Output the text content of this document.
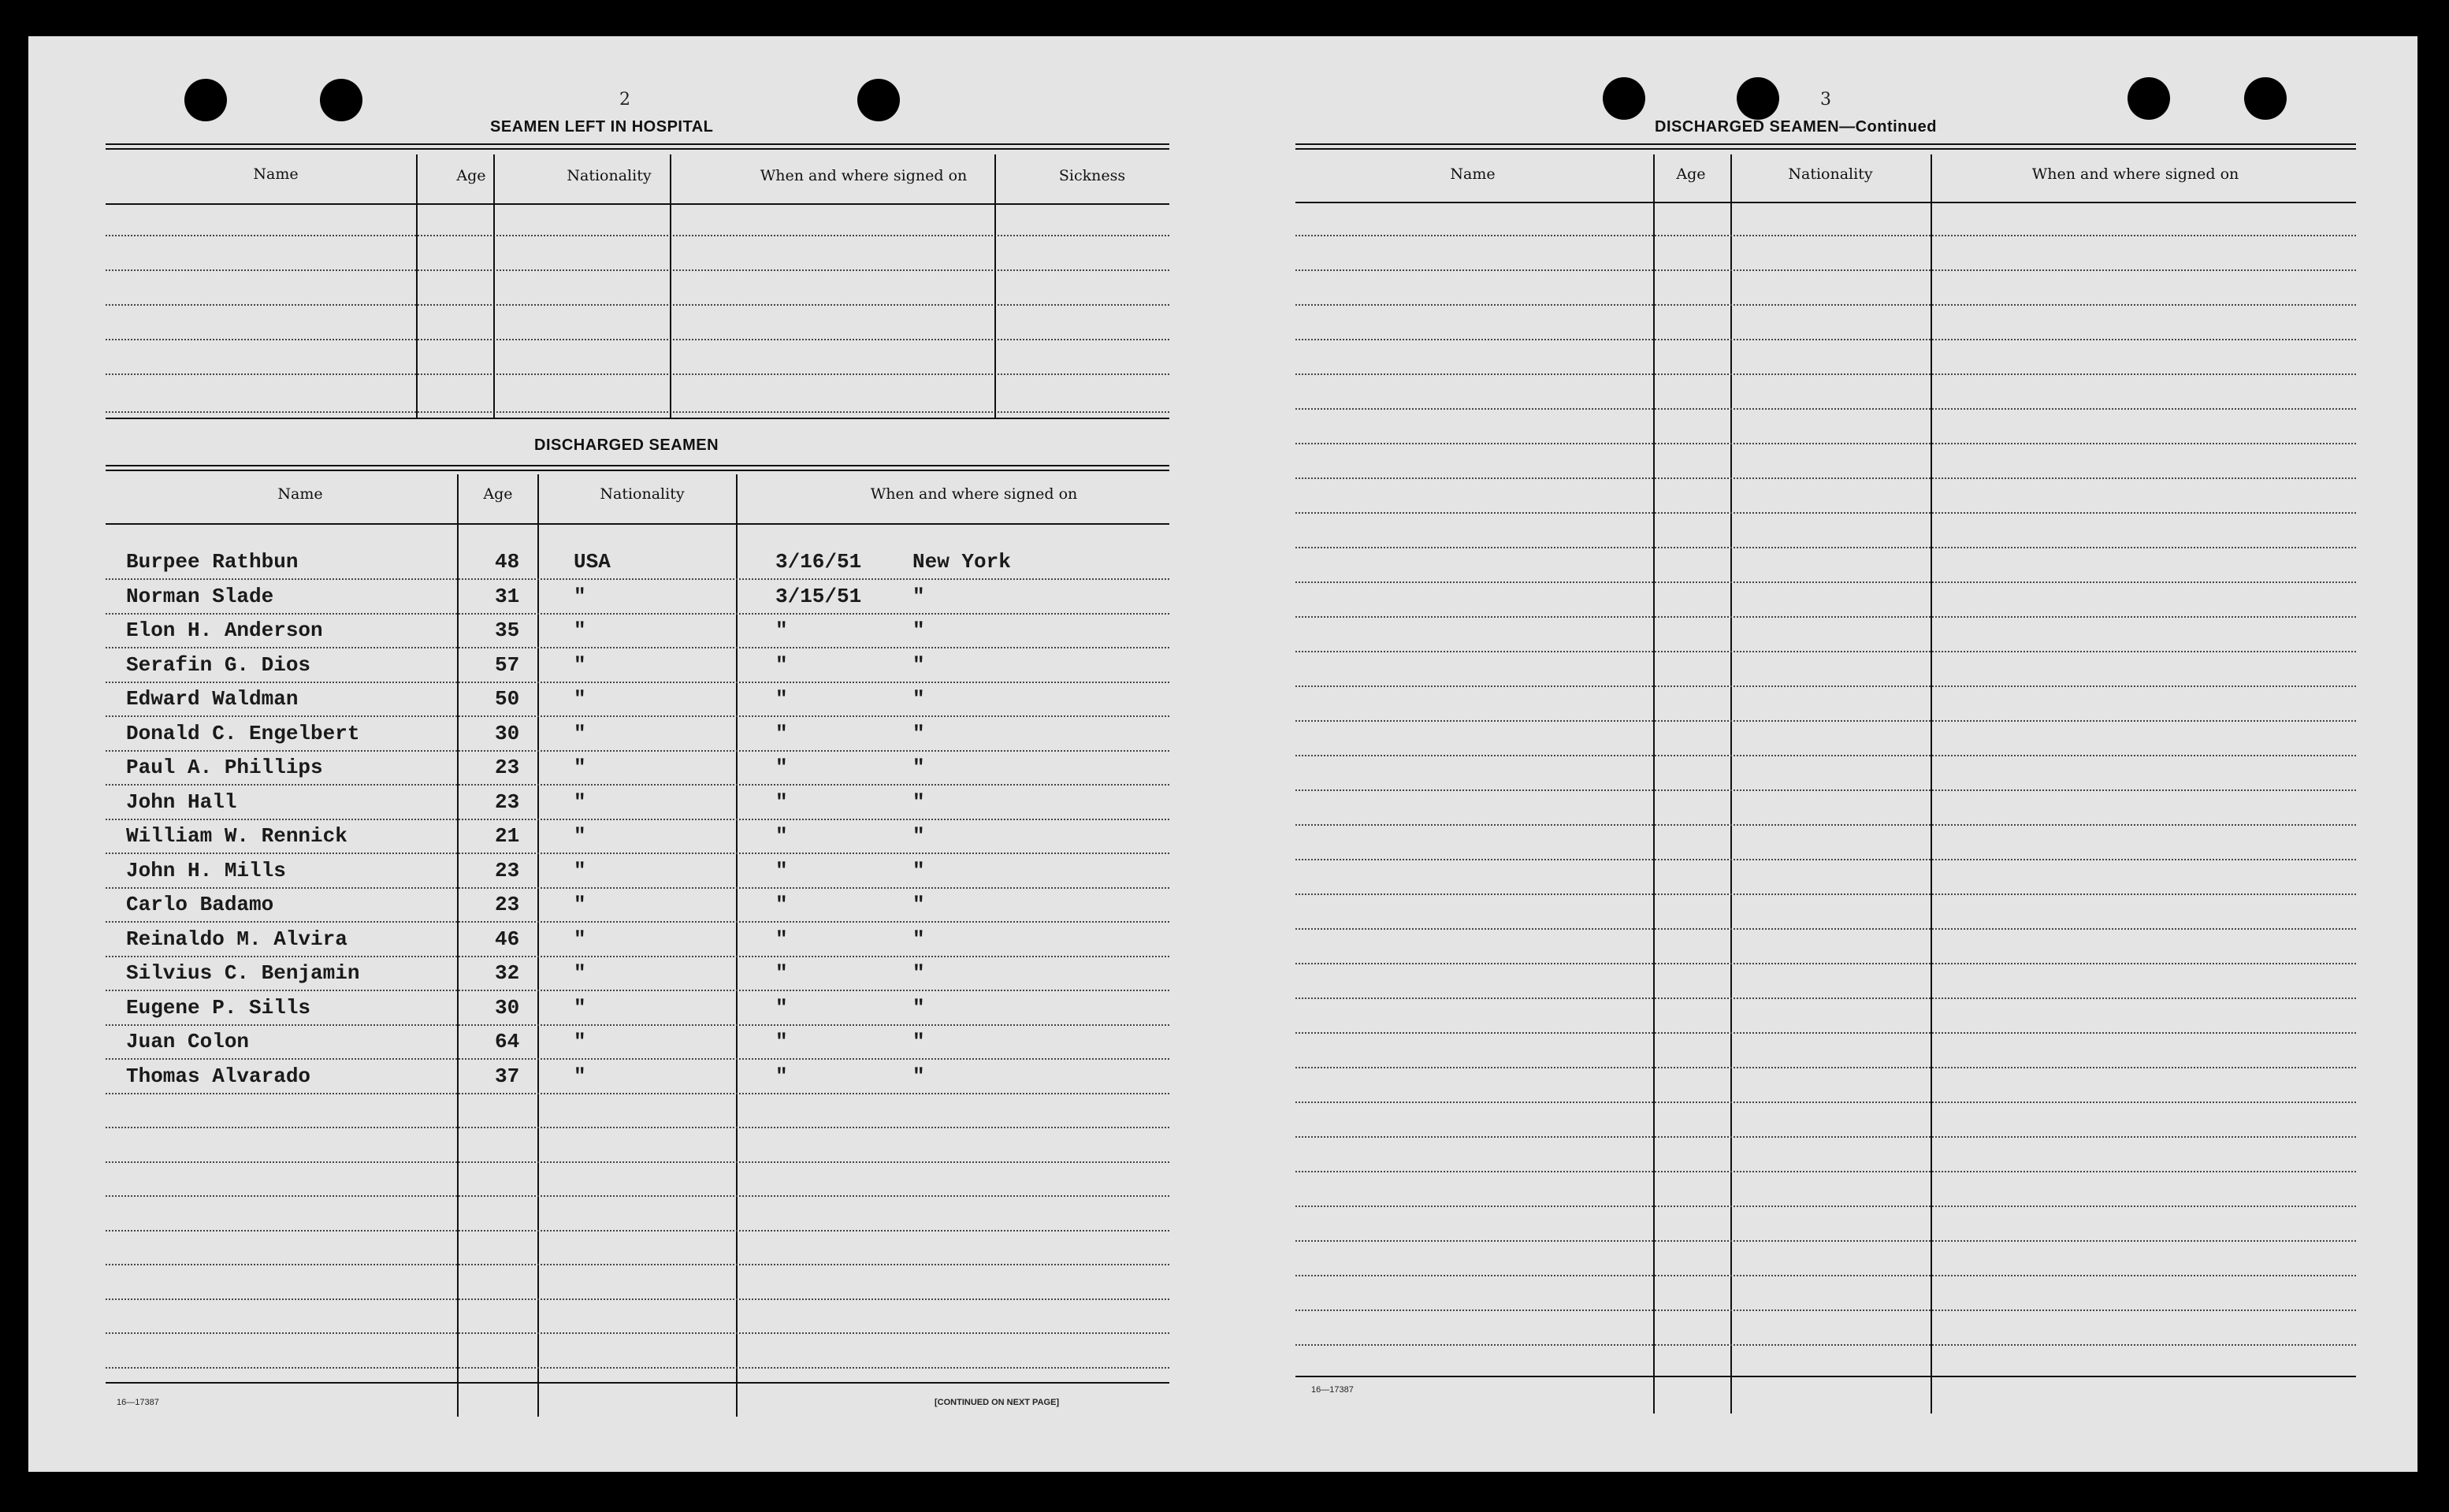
2
SEAMEN LEFT IN HOSPITAL
Name	Age	Nationality	When and where signed on	Sickness
DISCHARGED SEAMEN
Name	Age	Nationality	When and where signed on
Burpee Rathbun	48	USA	3/16/51 New York
Norman Slade	31	"	3/15/51 "
Elon H. Anderson	35	"	"	"
Serafin G. Dios	57	"	"	"
Edward Waldman	50	"	"	"
Donald C. Engelbert	30	"	"	"
Paul A. Phillips	23	"	"	"
John Hall	23	"	"	"
William W. Rennick	21	"	"	"
John H. Mills	23	"	"	"
Carlo Badamo	23	"	"	"
Reinaldo M. Alvira	46	"	"	"
Silvius C. Benjamin	32	"	"	"
Eugene P. Sills	30	"	"	"
Juan Colon	64	"	"	"
Thomas Alvarado	37	"	"	"
16—17387	[CONTINUED ON NEXT PAGE]
3
DISCHARGED SEAMEN—Continued
Name	Age	Nationality	When and where signed on
16—17387
